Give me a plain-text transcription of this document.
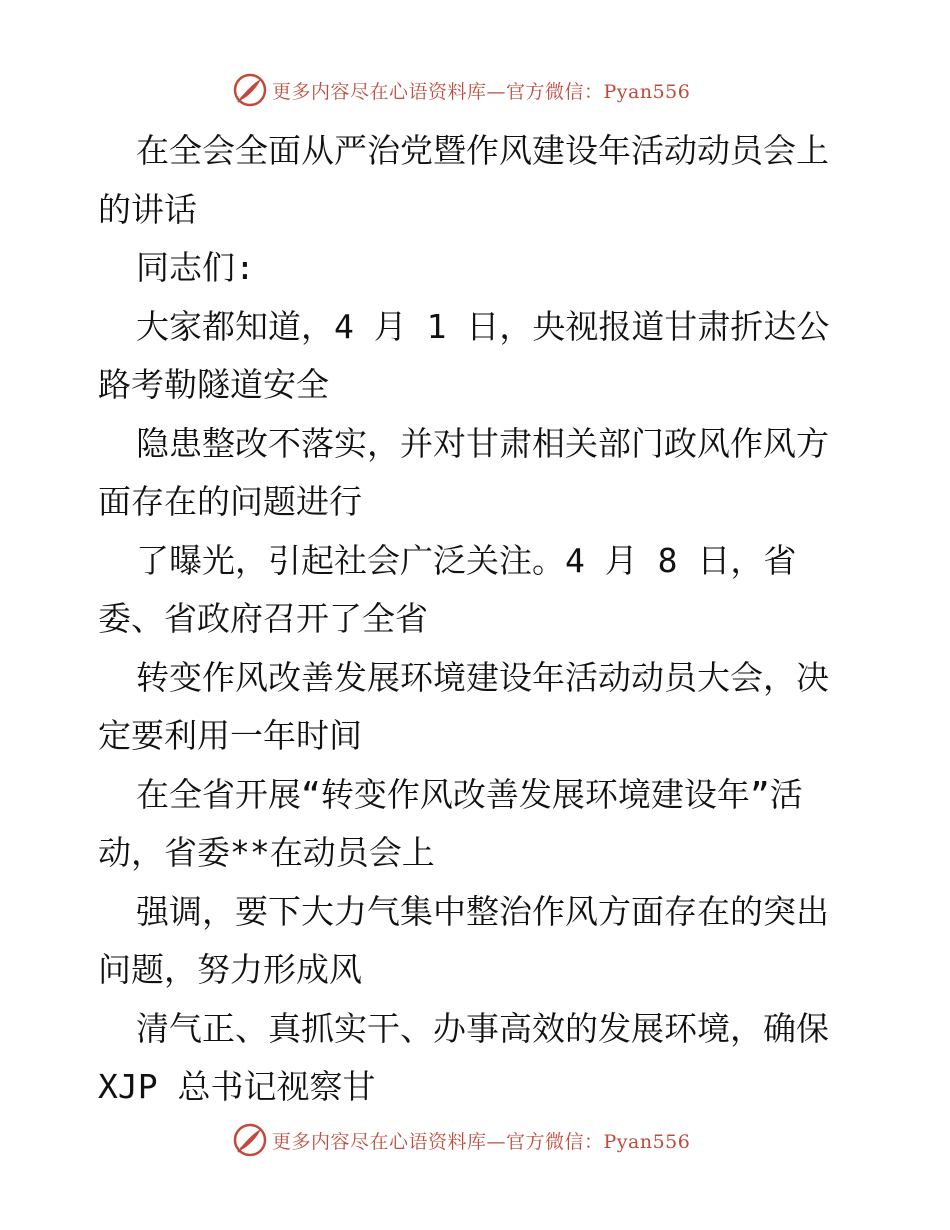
更多内容尽在心语资料库—官方微信：Pyan556

在全会全面从严治党暨作风建设年活动动员会上的讲话

同志们:

大家都知道，4 月 1 日，央视报道甘肃折达公路考勒隧道安全

隐患整改不落实，并对甘肃相关部门政风作风方面存在的问题进行

了曝光，引起社会广泛关注。4 月 8 日，省委、省政府召开了全省

转变作风改善发展环境建设年活动动员大会，决定要利用一年时间

在全省开展“转变作风改善发展环境建设年”活动，省委**在动员会上

强调，要下大力气集中整治作风方面存在的突出问题，努力形成风

清气正、真抓实干、办事高效的发展环境，确保 XJP 总书记视察甘

更多内容尽在心语资料库—官方微信：Pyan556
